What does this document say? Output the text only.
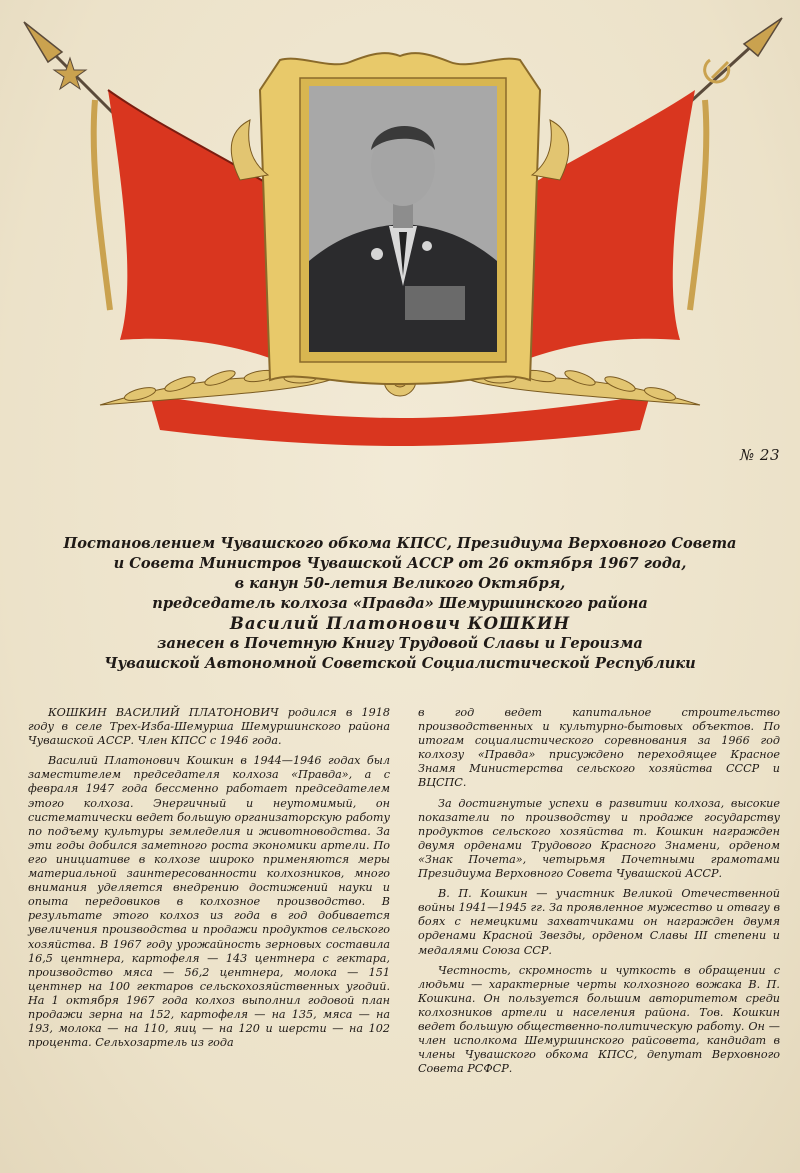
№ 23
Постановлением Чувашского обкома КПСС, Президиума Верховного Совета
и Совета Министров Чувашской АССР от 26 октября 1967 года,
в канун 50-летия Великого Октября,
председатель колхоза «Правда» Шемуршинского района
Василий Платонович КОШКИН
занесен в Почетную Книгу Трудовой Славы и Героизма
Чувашской Автономной Советской Социалистической Республики

КОШКИН ВАСИЛИЙ ПЛАТОНОВИЧ родился в 1918 году в селе Трех-Изба-Шемурша Шемуршинского района Чувашской АССР. Член КПСС с 1946 года.

Василий Платонович Кошкин в 1944—1946 годах был заместителем председателя колхоза «Правда», а с февраля 1947 года бессменно работает председателем этого колхоза. Энергичный и неутомимый, он систематически ведет большую организаторскую работу по подъему культуры земледелия и животноводства. За эти годы добился заметного роста экономики артели. По его инициативе в колхозе широко применяются меры материальной заинтересованности колхозников, много внимания уделяется внедрению достижений науки и опыта передовиков в колхозное производство. В результате этого колхоз из года в год добивается увеличения производства и продажи продуктов сельского хозяйства. В 1967 году урожайность зерновых составила 16,5 центнера, картофеля — 143 центнера с гектара, производство мяса — 56,2 центнера, молока — 151 центнер на 100 гектаров сельскохозяйственных угодий. На 1 октября 1967 года колхоз выполнил годовой план продажи зерна на 152, картофеля — на 135, мяса — на 193, молока — на 110, яиц — на 120 и шерсти — на 102 процента. Сельхозартель из года

в год ведет капитальное строительство производственных и культурно-бытовых объектов. По итогам социалистического соревнования за 1966 год колхозу «Правда» присуждено переходящее Красное Знамя Министерства сельского хозяйства СССР и ВЦСПС.

За достигнутые успехи в развитии колхоза, высокие показатели по производству и продаже государству продуктов сельского хозяйства т. Кошкин награжден двумя орденами Трудового Красного Знамени, орденом «Знак Почета», четырьмя Почетными грамотами Президиума Верховного Совета Чувашской АССР.

В. П. Кошкин — участник Великой Отечественной войны 1941—1945 гг. За проявленное мужество и отвагу в боях с немецкими захватчиками он награжден двумя орденами Красной Звезды, орденом Славы III степени и медалями Союза ССР.

Честность, скромность и чуткость в обращении с людьми — характерные черты колхозного вожака В. П. Кошкина. Он пользуется большим авторитетом среди колхозников артели и населения района. Тов. Кошкин ведет большую общественно-политическую работу. Он — член исполкома Шемуршинского райсовета, кандидат в члены Чувашского обкома КПСС, депутат Верховного Совета РСФСР.
